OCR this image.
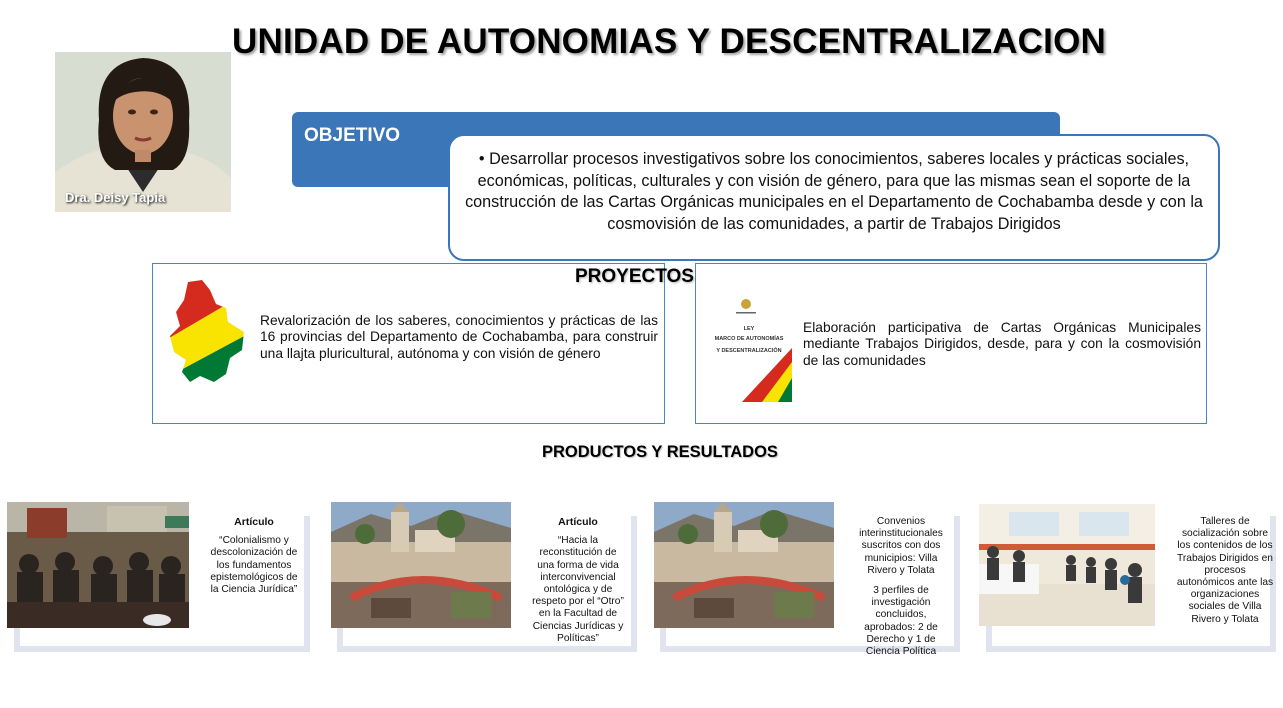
UNIDAD DE AUTONOMIAS Y DESCENTRALIZACION
Dra. Deisy Tapia
OBJETIVO
• Desarrollar procesos investigativos sobre los conocimientos, saberes locales y prácticas sociales, económicas, políticas, culturales y con visión de género, para que las mismas sean el soporte de la construcción de las Cartas Orgánicas municipales en el Departamento de Cochabamba desde y con la cosmovisión de las comunidades, a partir de Trabajos Dirigidos
PROYECTOS
Revalorización de los saberes, conocimientos y prácticas de las 16 provincias del Departamento de Cochabamba, para construir una llajta pluricultural, autónoma y con visión de género
LEY
MARCO DE AUTONOMÍAS
Y DESCENTRALIZACIÓN
Elaboración participativa de Cartas Orgánicas Municipales mediante Trabajos Dirigidos, desde, para y con la cosmovisión de las comunidades
PRODUCTOS Y RESULTADOS
Artículo
“Colonialismo y descolonización de los fundamentos epistemológicos de la Ciencia Jurídica”
Artículo
“Hacia la reconstitución de una forma de vida interconvivencial ontológica y de respeto por el “Otro” en la Facultad de Ciencias Jurídicas y Políticas”
Convenios interinstitucionales suscritos con dos municipios: Villa Rivero y Tolata
3 perfiles de investigación concluidos, aprobados: 2 de Derecho y 1 de Ciencia Política
Talleres de socialización sobre los contenidos de los Trabajos Dirigidos en procesos autonómicos ante las organizaciones sociales de Villa Rivero y Tolata
